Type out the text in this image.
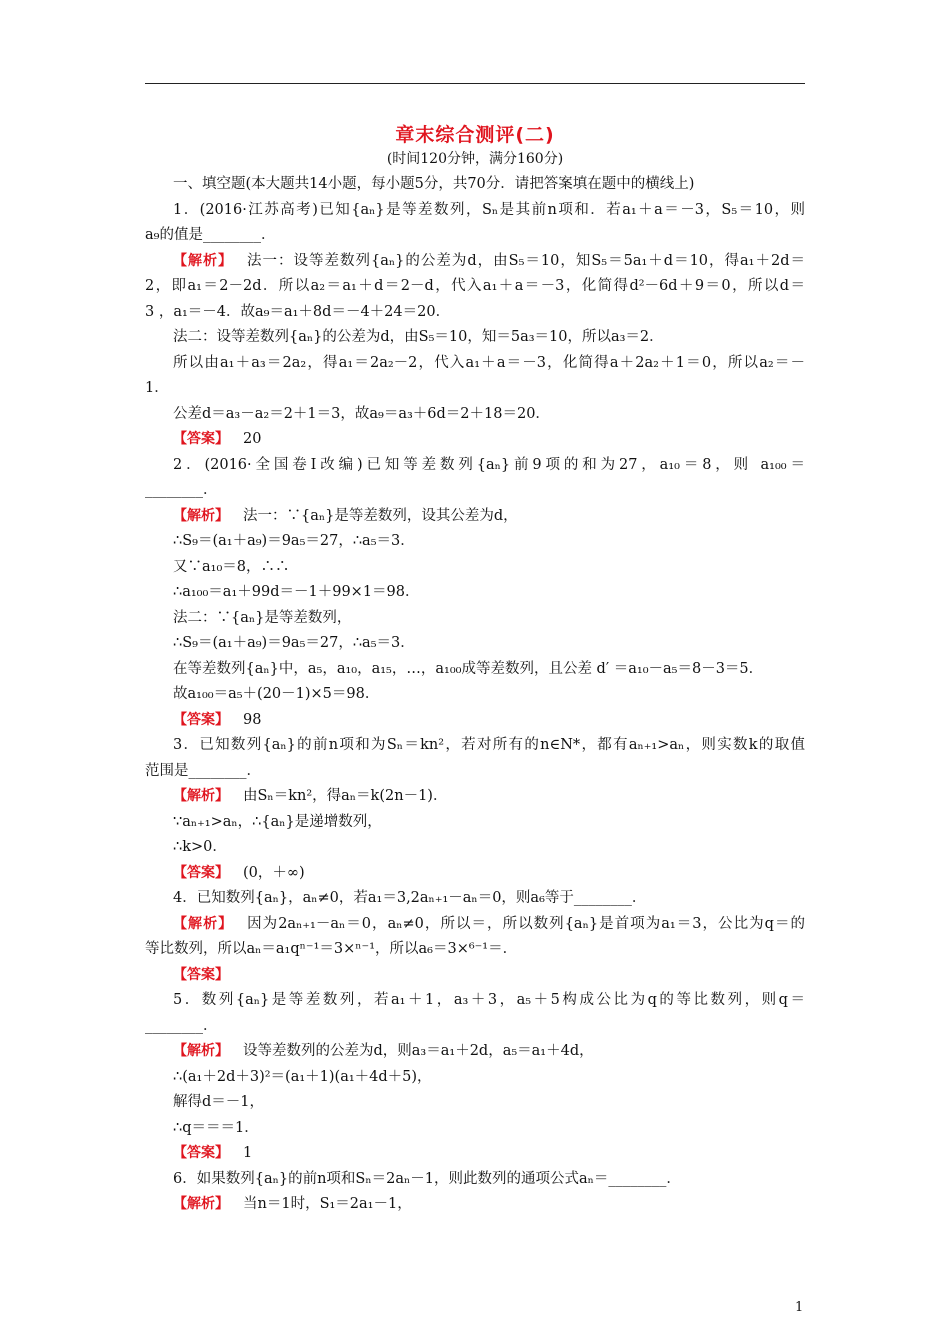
章末综合测评(二)
(时间120分钟，满分160分)
一、填空题(本大题共14小题，每小题5分，共70分．请把答案填在题中的横线上)
1．(2016·江苏高考)已知{aₙ}是等差数列，Sₙ是其前n项和．若a₁＋a＝－3，S₅＝10，则
a₉的值是________．
【解析】 法一：设等差数列{aₙ}的公差为d，由S₅＝10，知S₅＝5a₁＋d＝10，得a₁＋2d＝
2，即a₁＝2－2d．所以a₂＝a₁＋d＝2－d，代入a₁＋a＝－3，化简得d²－6d＋9＝0，所以d＝
3 ，a₁＝－4．故a₉＝a₁＋8d＝－4＋24＝20．
法二：设等差数列{aₙ}的公差为d，由S₅＝10，知＝5a₃＝10，所以a₃＝2．
所以由a₁＋a₃＝2a₂，得a₁＝2a₂－2，代入a₁＋a＝－3，化简得a＋2a₂＋1＝0，所以a₂＝－
1．
公差d＝a₃－a₂＝2＋1＝3，故a₉＝a₃＋6d＝2＋18＝20．
【答案】 20
2．(2016·全国卷Ⅰ改编)已知等差数列{aₙ}前9项的和为27，a₁₀＝8，则 a₁₀₀＝
________．
【解析】 法一：∵{aₙ}是等差数列，设其公差为d，
∴S₉＝(a₁＋a₉)＝9a₅＝27，∴a₅＝3．
又∵a₁₀＝8，∴∴
∴a₁₀₀＝a₁＋99d＝－1＋99×1＝98．
法二：∵{aₙ}是等差数列，
∴S₉＝(a₁＋a₉)＝9a₅＝27，∴a₅＝3．
在等差数列{aₙ}中，a₅，a₁₀，a₁₅，…，a₁₀₀成等差数列，且公差 d′ ＝a₁₀－a₅＝8－3＝5．
故a₁₀₀＝a₅＋(20－1)×5＝98．
【答案】 98
3．已知数列{aₙ}的前n项和为Sₙ＝kn²，若对所有的n∈N*，都有aₙ₊₁>aₙ，则实数k的取值
范围是________．
【解析】 由Sₙ＝kn²，得aₙ＝k(2n－1)．
∵aₙ₊₁>aₙ，∴{aₙ}是递增数列，
∴k>0．
【答案】 (0，＋∞)
4．已知数列{aₙ}，aₙ≠0，若a₁＝3,2aₙ₊₁－aₙ＝0，则a₆等于________．
【解析】 因为2aₙ₊₁－aₙ＝0，aₙ≠0，所以＝，所以数列{aₙ}是首项为a₁＝3，公比为q＝的
等比数列，所以aₙ＝a₁qⁿ⁻¹＝3×ⁿ⁻¹，所以a₆＝3×⁶⁻¹＝．
【答案】
5．数列{aₙ}是等差数列，若a₁＋1，a₃＋3，a₅＋5构成公比为q的等比数列，则q＝
________．
【解析】 设等差数列的公差为d，则a₃＝a₁＋2d，a₅＝a₁＋4d，
∴(a₁＋2d＋3)²＝(a₁＋1)(a₁＋4d＋5)，
解得d＝－1，
∴q＝＝＝1．
【答案】 1
6．如果数列{aₙ}的前n项和Sₙ＝2aₙ－1，则此数列的通项公式aₙ＝________．
【解析】 当n＝1时，S₁＝2a₁－1，
1
